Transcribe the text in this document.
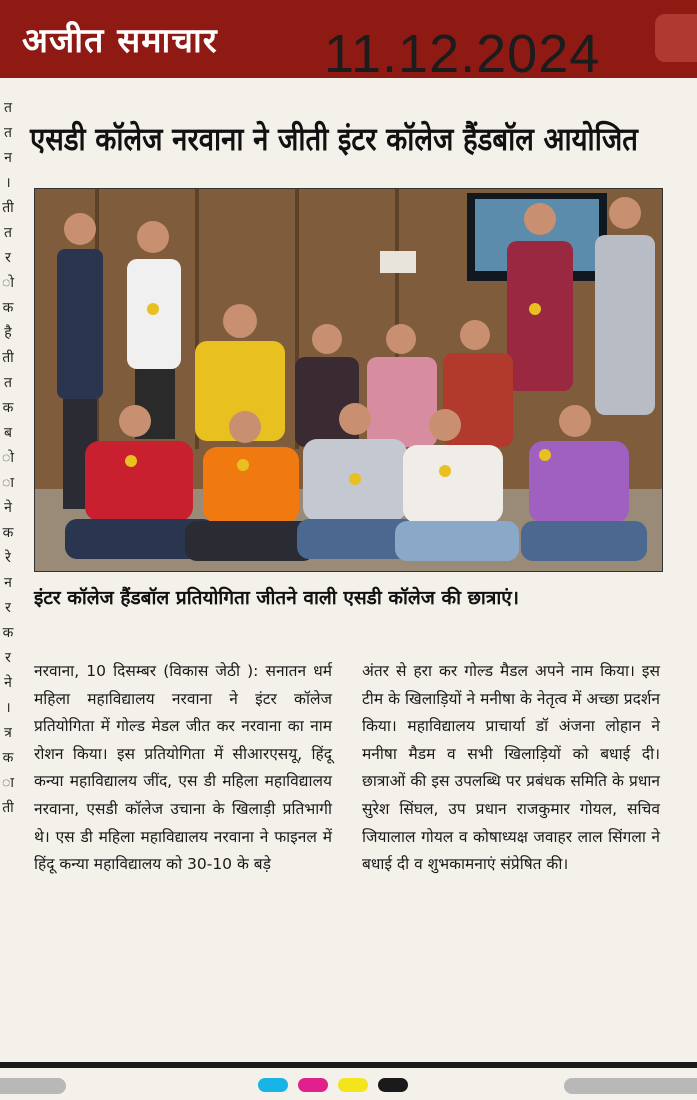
अजीत समाचार 11.12.2024
त
त
न
।
ती
त
र
ो
क
है
ती
त
क
ब
ो
ा
ने
क
रे
न
र
क
र
ने
।
त्र
क
ा
ती
एसडी कॉलेज नरवाना ने जीती इंटर कॉलेज हैंडबॉल आयोजित
इंटर कॉलेज हैंडबॉल प्रतियोगिता जीतने वाली एसडी कॉलेज की छात्राएं।
नरवाना, 10 दिसम्बर (विकास जेठी ): सनातन धर्म महिला महाविद्यालय नरवाना ने इंटर कॉलेज प्रतियोगिता में गोल्ड मेडल जीत कर नरवाना का नाम रोशन किया। इस प्रतियोगिता में सीआरएसयू, हिंदू कन्या महाविद्यालय जींद, एस डी महिला महाविद्यालय नरवाना, एसडी कॉलेज उचाना के खिलाड़ी प्रतिभागी थे। एस डी महिला महाविद्यालय नरवाना ने फाइनल में हिंदू कन्या महाविद्यालय को 30-10 के बड़े
अंतर से हरा कर गोल्ड मैडल अपने नाम किया। इस टीम के खिलाड़ियों ने मनीषा के नेतृत्व में अच्छा प्रदर्शन किया। महाविद्यालय प्राचार्या डॉ अंजना लोहान ने मनीषा मैडम व सभी खिलाड़ियों को बधाई दी। छात्राओं की इस उपलब्धि पर प्रबंधक समिति के प्रधान सुरेश सिंघल, उप प्रधान राजकुमार गोयल, सचिव जियालाल गोयल व कोषाध्यक्ष जवाहर लाल सिंगला ने बधाई दी व शुभकामनाएं संप्रेषित की।
